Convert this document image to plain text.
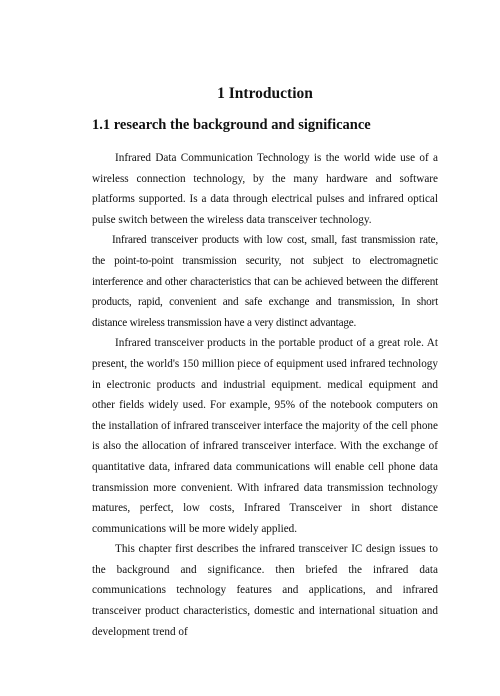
1 Introduction
1.1 research the background and significance

Infrared Data Communication Technology is the world wide use of a wireless connection technology, by the many hardware and software platforms supported. Is a data through electrical pulses and infrared optical pulse switch between the wireless data transceiver technology.

Infrared transceiver products with low cost, small, fast transmission rate, the point-to-point transmission security, not subject to electromagnetic interference and other characteristics that can be achieved between the different products, rapid, convenient and safe exchange and transmission, In short distance wireless transmission have a very distinct advantage.

Infrared transceiver products in the portable product of a great role. At present, the world's 150 million piece of equipment used infrared technology in electronic products and industrial equipment. medical equipment and other fields widely used. For example, 95% of the notebook computers on the installation of infrared transceiver interface the majority of the cell phone is also the allocation of infrared transceiver interface. With the exchange of quantitative data, infrared data communications will enable cell phone data transmission more convenient. With infrared data transmission technology matures, perfect, low costs, Infrared Transceiver in short distance communications will be more widely applied.

This chapter first describes the infrared transceiver IC design issues to the background and significance. then briefed the infrared data communications technology features and applications, and infrared transceiver product characteristics, domestic and international situation and development trend of
